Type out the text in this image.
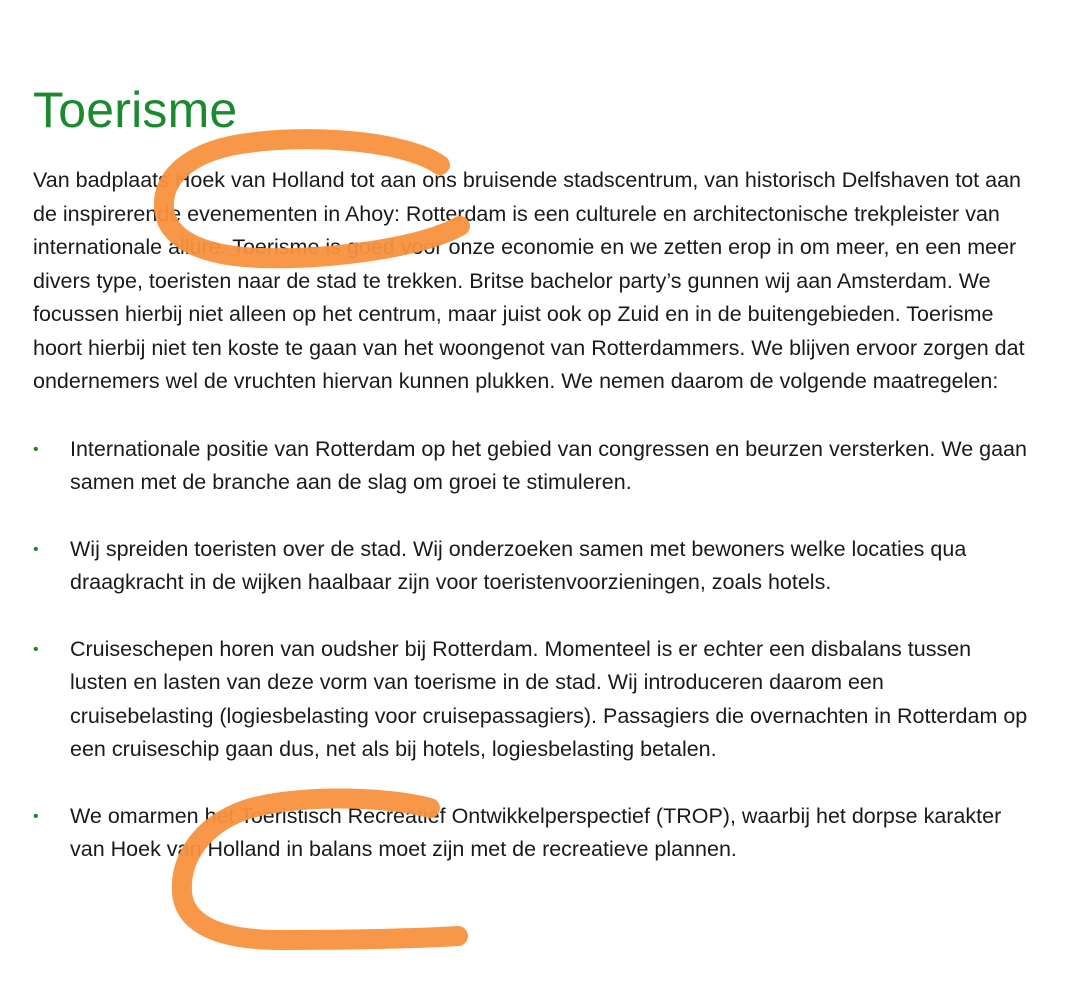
Toerisme

Van badplaats Hoek van Holland tot aan ons bruisende stadscentrum, van historisch Delfshaven tot aan de inspirerende evenementen in Ahoy: Rotterdam is een culturele en architectonische trekpleister van internationale allure. Toerisme is goed voor onze economie en we zetten erop in om meer, en een meer divers type, toeristen naar de stad te trekken. Britse bachelor party’s gunnen wij aan Amsterdam. We focussen hierbij niet alleen op het centrum, maar juist ook op Zuid en in de buitengebieden. Toerisme hoort hierbij niet ten koste te gaan van het woongenot van Rotterdammers. We blijven ervoor zorgen dat ondernemers wel de vruchten hiervan kunnen plukken. We nemen daarom de volgende maatregelen:

• Internationale positie van Rotterdam op het gebied van congressen en beurzen versterken. We gaan samen met de branche aan de slag om groei te stimuleren.
• Wij spreiden toeristen over de stad. Wij onderzoeken samen met bewoners welke locaties qua draagkracht in de wijken haalbaar zijn voor toeristenvoorzieningen, zoals hotels.
• Cruiseschepen horen van oudsher bij Rotterdam. Momenteel is er echter een disbalans tussen lusten en lasten van deze vorm van toerisme in de stad. Wij introduceren daarom een cruisebelasting (logiesbelasting voor cruisepassagiers). Passagiers die overnachten in Rotterdam op een cruiseschip gaan dus, net als bij hotels, logiesbelasting betalen.
• We omarmen het Toeristisch Recreatief Ontwikkelperspectief (TROP), waarbij het dorpse karakter van Hoek van Holland in balans moet zijn met de recreatieve plannen.
